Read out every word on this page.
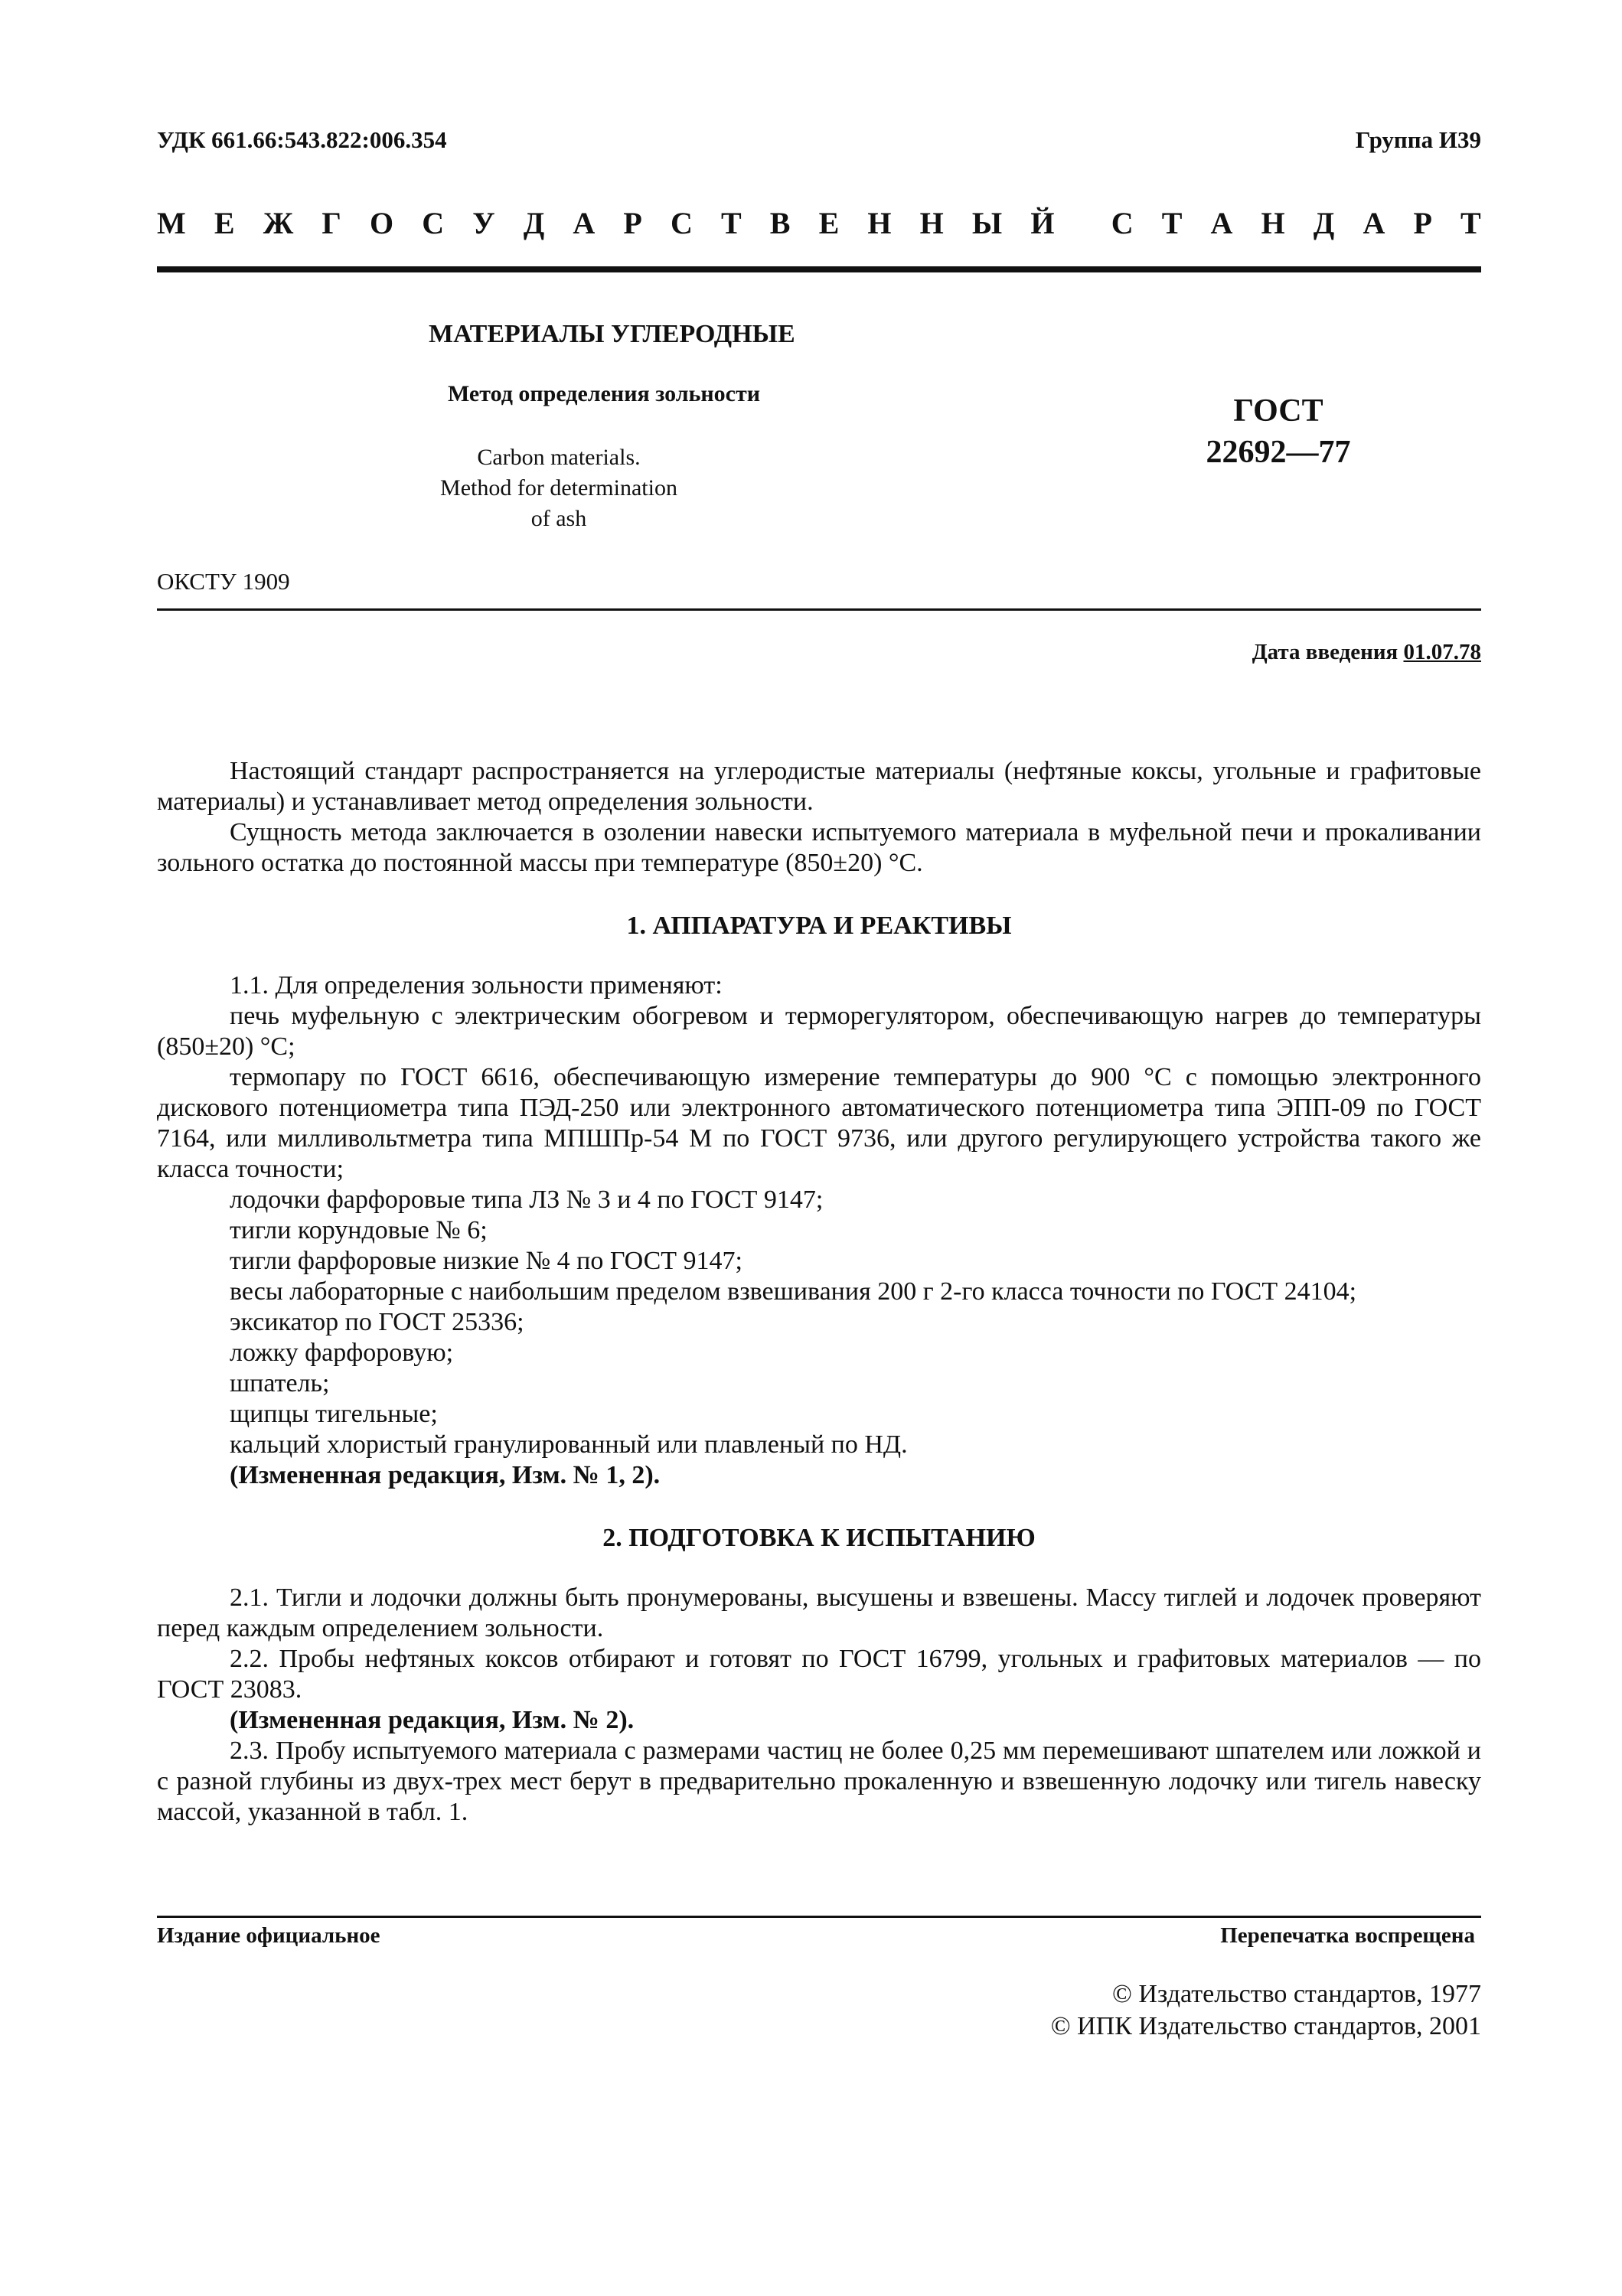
УДК 661.66:543.822:006.354	Группа И39
М Е Ж Г О С У Д А Р С Т В Е Н Н Ы Й С Т А Н Д А Р Т
МАТЕРИАЛЫ УГЛЕРОДНЫЕ
Метод определения зольности
Carbon materials.
Method for determination of ash
ГОСТ
22692—77
ОКСТУ 1909
Дата введения 01.07.78

Настоящий стандарт распространяется на углеродистые материалы (нефтяные коксы, угольные и графитовые материалы) и устанавливает метод определения зольности.

Сущность метода заключается в озолении навески испытуемого материала в муфельной печи и прокаливании зольного остатка до постоянной массы при температуре (850±20) °С.

1. АППАРАТУРА И РЕАКТИВЫ

1.1. Для определения зольности применяют:

печь муфельную с электрическим обогревом и терморегулятором, обеспечивающую нагрев до температуры (850±20) °С;

термопару по ГОСТ 6616, обеспечивающую измерение температуры до 900 °С с помощью электронного дискового потенциометра типа ПЭД-250 или электронного автоматического потенциометра типа ЭПП-09 по ГОСТ 7164, или милливольтметра типа МПШПр-54 М по ГОСТ 9736, или другого регулирующего устройства такого же класса точности;

лодочки фарфоровые типа ЛЗ № 3 и 4 по ГОСТ 9147;

тигли корундовые № 6;

тигли фарфоровые низкие № 4 по ГОСТ 9147;

весы лабораторные с наибольшим пределом взвешивания 200 г 2-го класса точности по ГОСТ 24104;

эксикатор по ГОСТ 25336;

ложку фарфоровую;

шпатель;

щипцы тигельные;

кальций хлористый гранулированный или плавленый по НД.

(Измененная редакция, Изм. № 1, 2).

2. ПОДГОТОВКА К ИСПЫТАНИЮ

2.1. Тигли и лодочки должны быть пронумерованы, высушены и взвешены. Массу тиглей и лодочек проверяют перед каждым определением зольности.

2.2. Пробы нефтяных коксов отбирают и готовят по ГОСТ 16799, угольных и графитовых материалов — по ГОСТ 23083.

(Измененная редакция, Изм. № 2).

2.3. Пробу испытуемого материала с размерами частиц не более 0,25 мм перемешивают шпателем или ложкой и с разной глубины из двух-трех мест берут в предварительно прокаленную и взвешенную лодочку или тигель навеску массой, указанной в табл. 1.

Издание официальное	Перепечатка воспрещена
© Издательство стандартов, 1977
© ИПК Издательство стандартов, 2001
